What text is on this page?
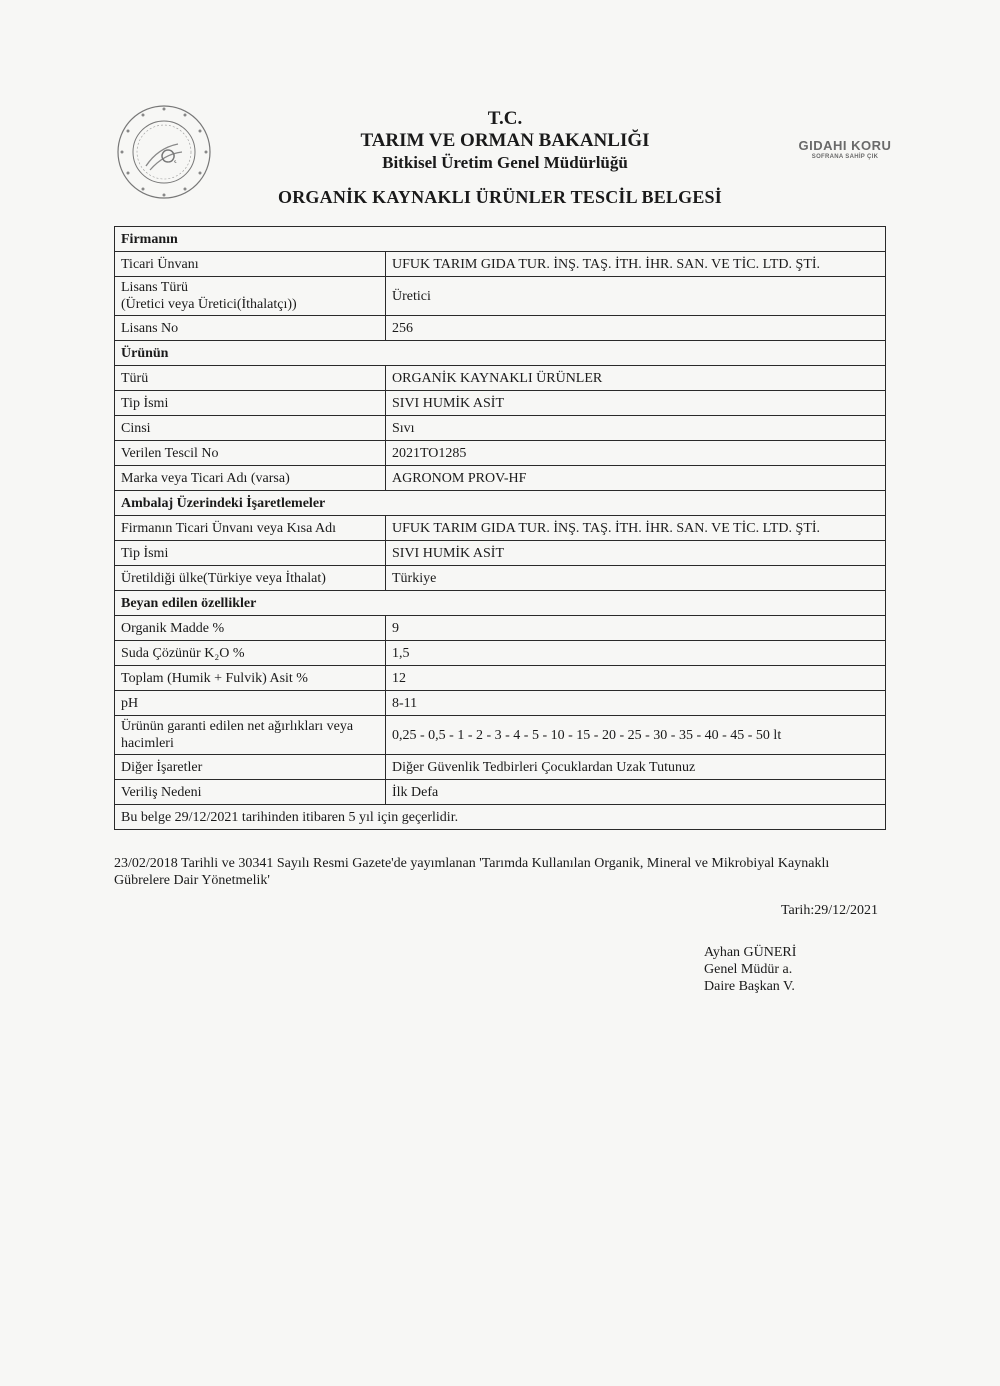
T.C.
TARIM VE ORMAN BAKANLIĞI
Bitkisel Üretim Genel Müdürlüğü
GIDAHI KORU
SOFRANA SAHİP ÇIK
ORGANİK KAYNAKLI ÜRÜNLER TESCİL BELGESİ
Firmanın	
Ticari Ünvanı	UFUK TARIM GIDA TUR. İNŞ. TAŞ. İTH. İHR. SAN. VE TİC. LTD. ŞTİ.
Lisans Türü
(Üretici veya Üretici(İthalatçı))	Üretici
Lisans No	256
Ürünün	
Türü	ORGANİK KAYNAKLI ÜRÜNLER
Tip İsmi	SIVI HUMİK ASİT
Cinsi	Sıvı
Verilen Tescil No	2021TO1285
Marka veya Ticari Adı (varsa)	AGRONOM PROV-HF
Ambalaj Üzerindeki İşaretlemeler	
Firmanın Ticari Ünvanı veya Kısa Adı	UFUK TARIM GIDA TUR. İNŞ. TAŞ. İTH. İHR. SAN. VE TİC. LTD. ŞTİ.
Tip İsmi	SIVI HUMİK ASİT
Üretildiği ülke(Türkiye veya İthalat)	Türkiye
Beyan edilen özellikler	
Organik Madde %	9
Suda Çözünür K₂O %	1,5
Toplam (Humik + Fulvik) Asit %	12
pH	8-11
Ürünün garanti edilen net ağırlıkları veya
hacimleri	0,25 - 0,5 - 1 - 2 - 3 - 4 - 5 - 10 - 15 - 20 - 25 - 30 - 35 - 40 - 45 - 50 lt
Diğer İşaretler	Diğer Güvenlik Tedbirleri Çocuklardan Uzak Tutunuz
Veriliş Nedeni	İlk Defa
Bu belge 29/12/2021 tarihinden itibaren 5 yıl için geçerlidir.	
23/02/2018 Tarihli ve 30341 Sayılı Resmi Gazete'de yayımlanan 'Tarımda Kullanılan Organik, Mineral ve Mikrobiyal Kaynaklı Gübrelere Dair Yönetmelik'
Tarih:29/12/2021
Ayhan GÜNERİ
Genel Müdür a.
Daire Başkan V.
